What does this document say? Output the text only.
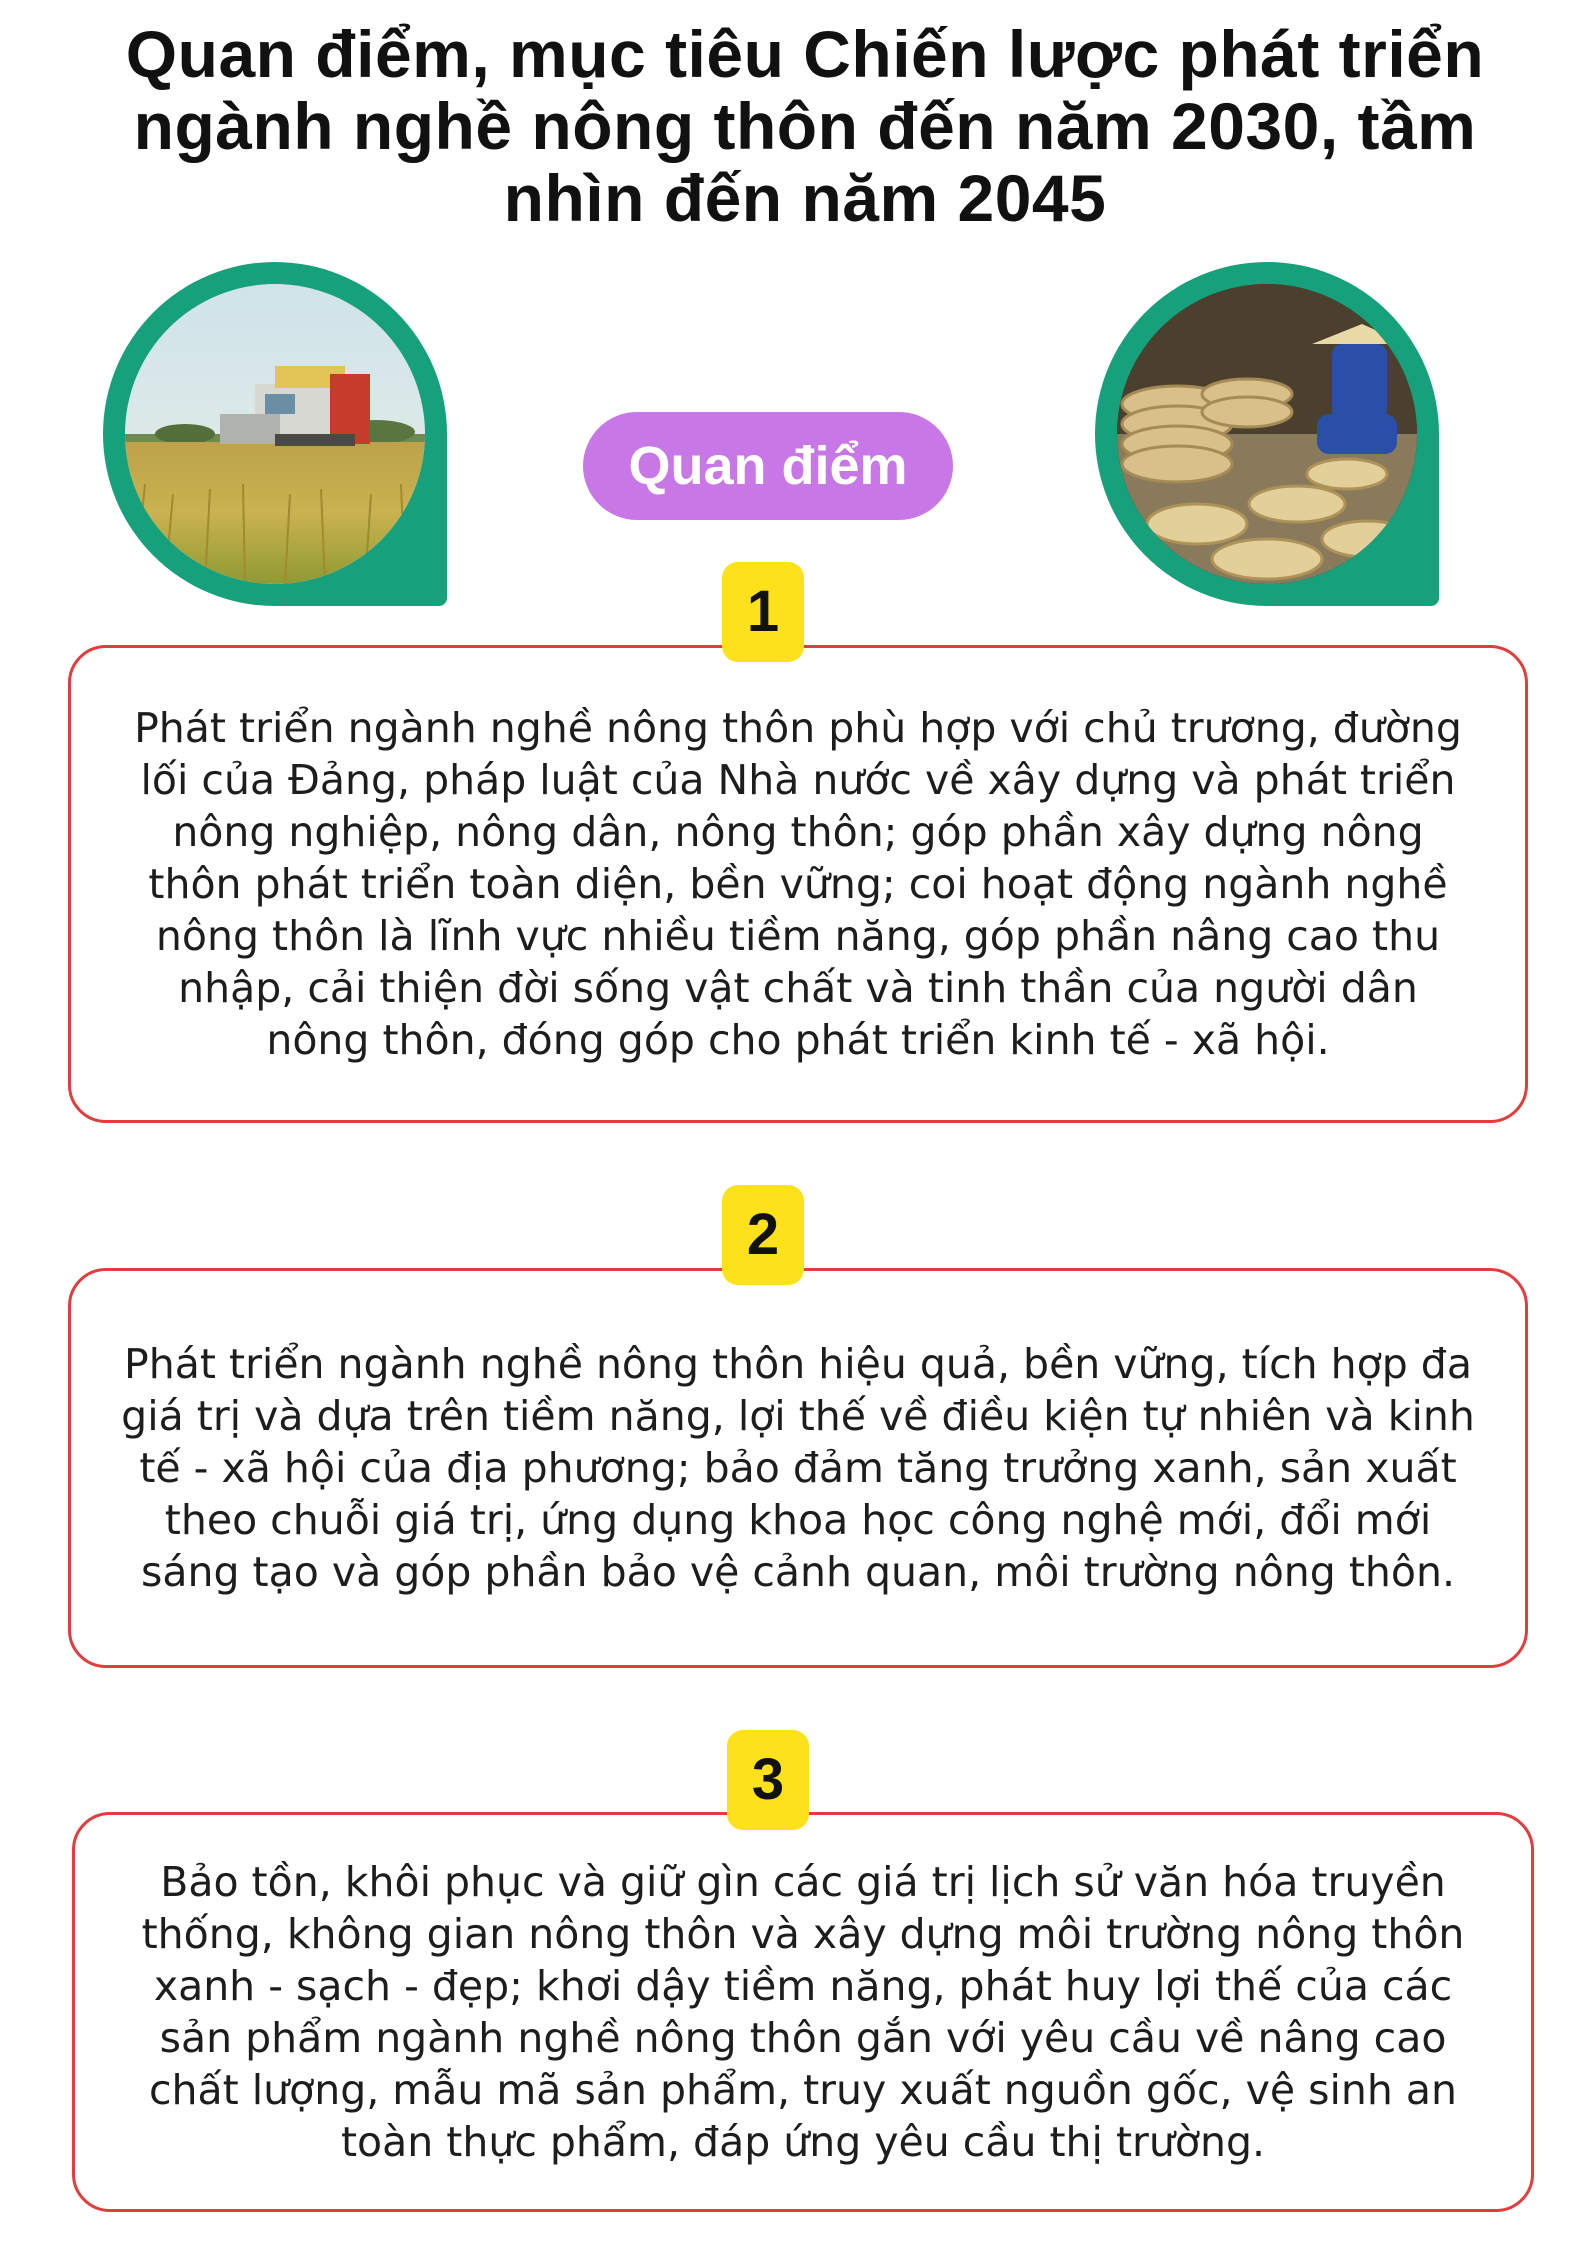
Quan điểm, mục tiêu Chiến lược phát triển ngành nghề nông thôn đến năm 2030, tầm nhìn đến năm 2045
Quan điểm
1

Phát triển ngành nghề nông thôn phù hợp với chủ trương, đường lối của Đảng, pháp luật của Nhà nước về xây dựng và phát triển nông nghiệp, nông dân, nông thôn; góp phần xây dựng nông thôn phát triển toàn diện, bền vững; coi hoạt động ngành nghề nông thôn là lĩnh vực nhiều tiềm năng, góp phần nâng cao thu nhập, cải thiện đời sống vật chất và tinh thần của người dân nông thôn, đóng góp cho phát triển kinh tế - xã hội.

2

Phát triển ngành nghề nông thôn hiệu quả, bền vững, tích hợp đa giá trị và dựa trên tiềm năng, lợi thế về điều kiện tự nhiên và kinh tế - xã hội của địa phương; bảo đảm tăng trưởng xanh, sản xuất theo chuỗi giá trị, ứng dụng khoa học công nghệ mới, đổi mới sáng tạo và góp phần bảo vệ cảnh quan, môi trường nông thôn.

3

Bảo tồn, khôi phục và giữ gìn các giá trị lịch sử văn hóa truyền thống, không gian nông thôn và xây dựng môi trường nông thôn xanh - sạch - đẹp; khơi dậy tiềm năng, phát huy lợi thế của các sản phẩm ngành nghề nông thôn gắn với yêu cầu về nâng cao chất lượng, mẫu mã sản phẩm, truy xuất nguồn gốc, vệ sinh an toàn thực phẩm, đáp ứng yêu cầu thị trường.
